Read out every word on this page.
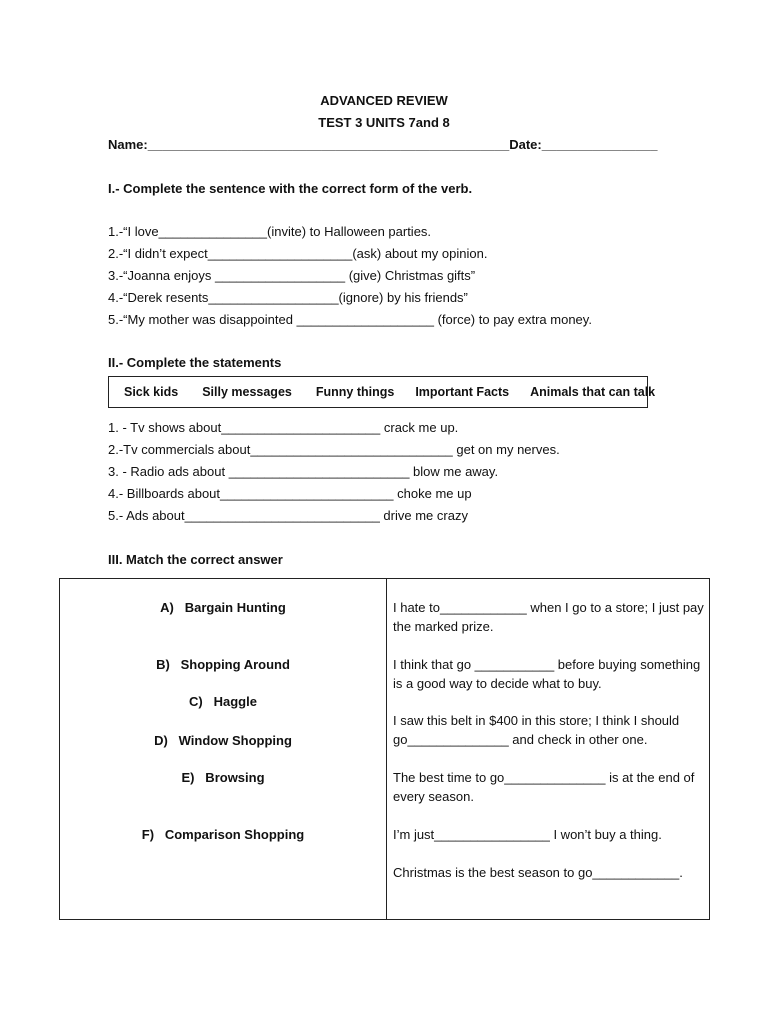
ADVANCED REVIEW
TEST 3 UNITS 7and 8
Name:__________________________________________________Date:________________
I.- Complete the sentence with the correct form of the verb.
1.-“I love_______________(invite) to Halloween parties.
2.-“I didn’t expect____________________(ask) about my opinion.
3.-“Joanna enjoys __________________ (give) Christmas gifts”
4.-“Derek resents__________________(ignore) by his friends”
5.-“My mother was disappointed ___________________ (force) to pay extra money.
II.- Complete the statements
Sick kids Silly messages Funny things Important Facts Animals that can talk
1. - Tv shows about______________________ crack me up.
2.-Tv commercials about____________________________ get on my nerves.
3. - Radio ads about _________________________ blow me away.
4.- Billboards about________________________ choke me up
5.- Ads about___________________________ drive me crazy
III. Match the correct answer
A)   Bargain Hunting
B)   Shopping Around
C)   Haggle
D)   Window Shopping
E)   Browsing
F)   Comparison Shopping
I hate to____________ when I go to a store; I just pay the marked prize.
I think that go ___________ before buying something is a good way to decide what to buy.
I saw this belt in $400 in this store; I think I should go______________ and check in other one.
The best time to go______________ is at the end of every season.
I’m just________________ I won’t buy a thing.
Christmas is the best season to go____________.
